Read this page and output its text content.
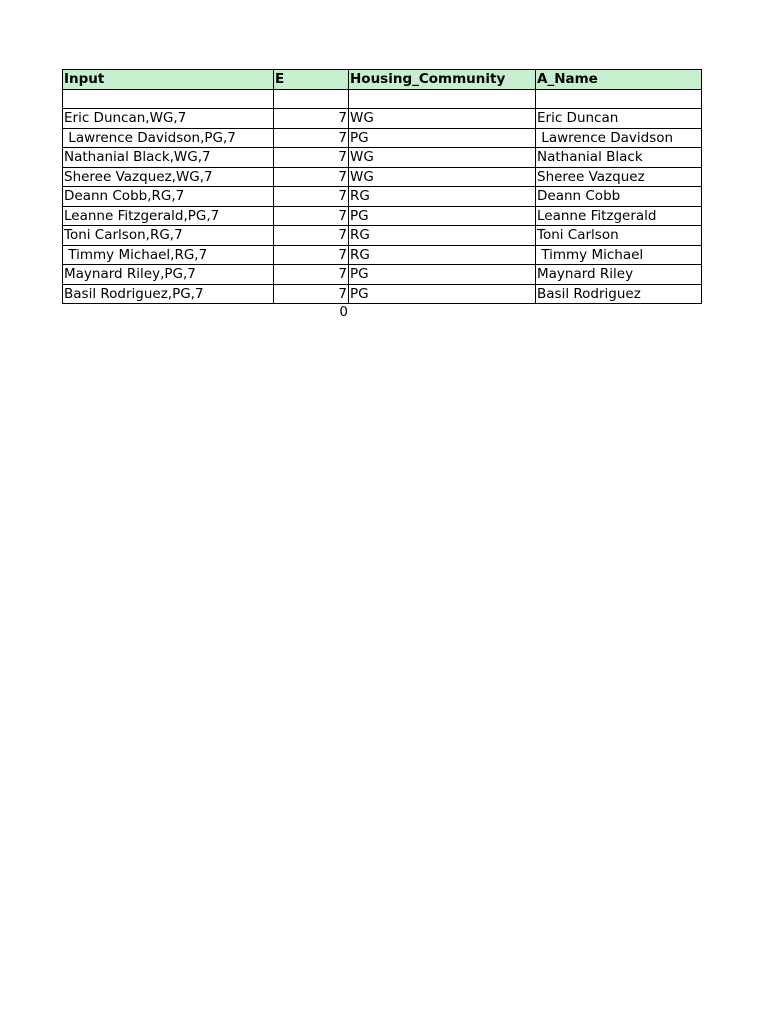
Input	E	Housing_Community	A_Name

Eric Duncan,WG,7	7	WG	Eric Duncan
Lawrence Davidson,PG,7	7	PG	Lawrence Davidson
Nathanial Black,WG,7	7	WG	Nathanial Black
Sheree Vazquez,WG,7	7	WG	Sheree Vazquez
Deann Cobb,RG,7	7	RG	Deann Cobb
Leanne Fitzgerald,PG,7	7	PG	Leanne Fitzgerald
Toni Carlson,RG,7	7	RG	Toni Carlson
Timmy Michael,RG,7	7	RG	Timmy Michael
Maynard Riley,PG,7	7	PG	Maynard Riley
Basil Rodriguez,PG,7	7	PG	Basil Rodriguez
0
